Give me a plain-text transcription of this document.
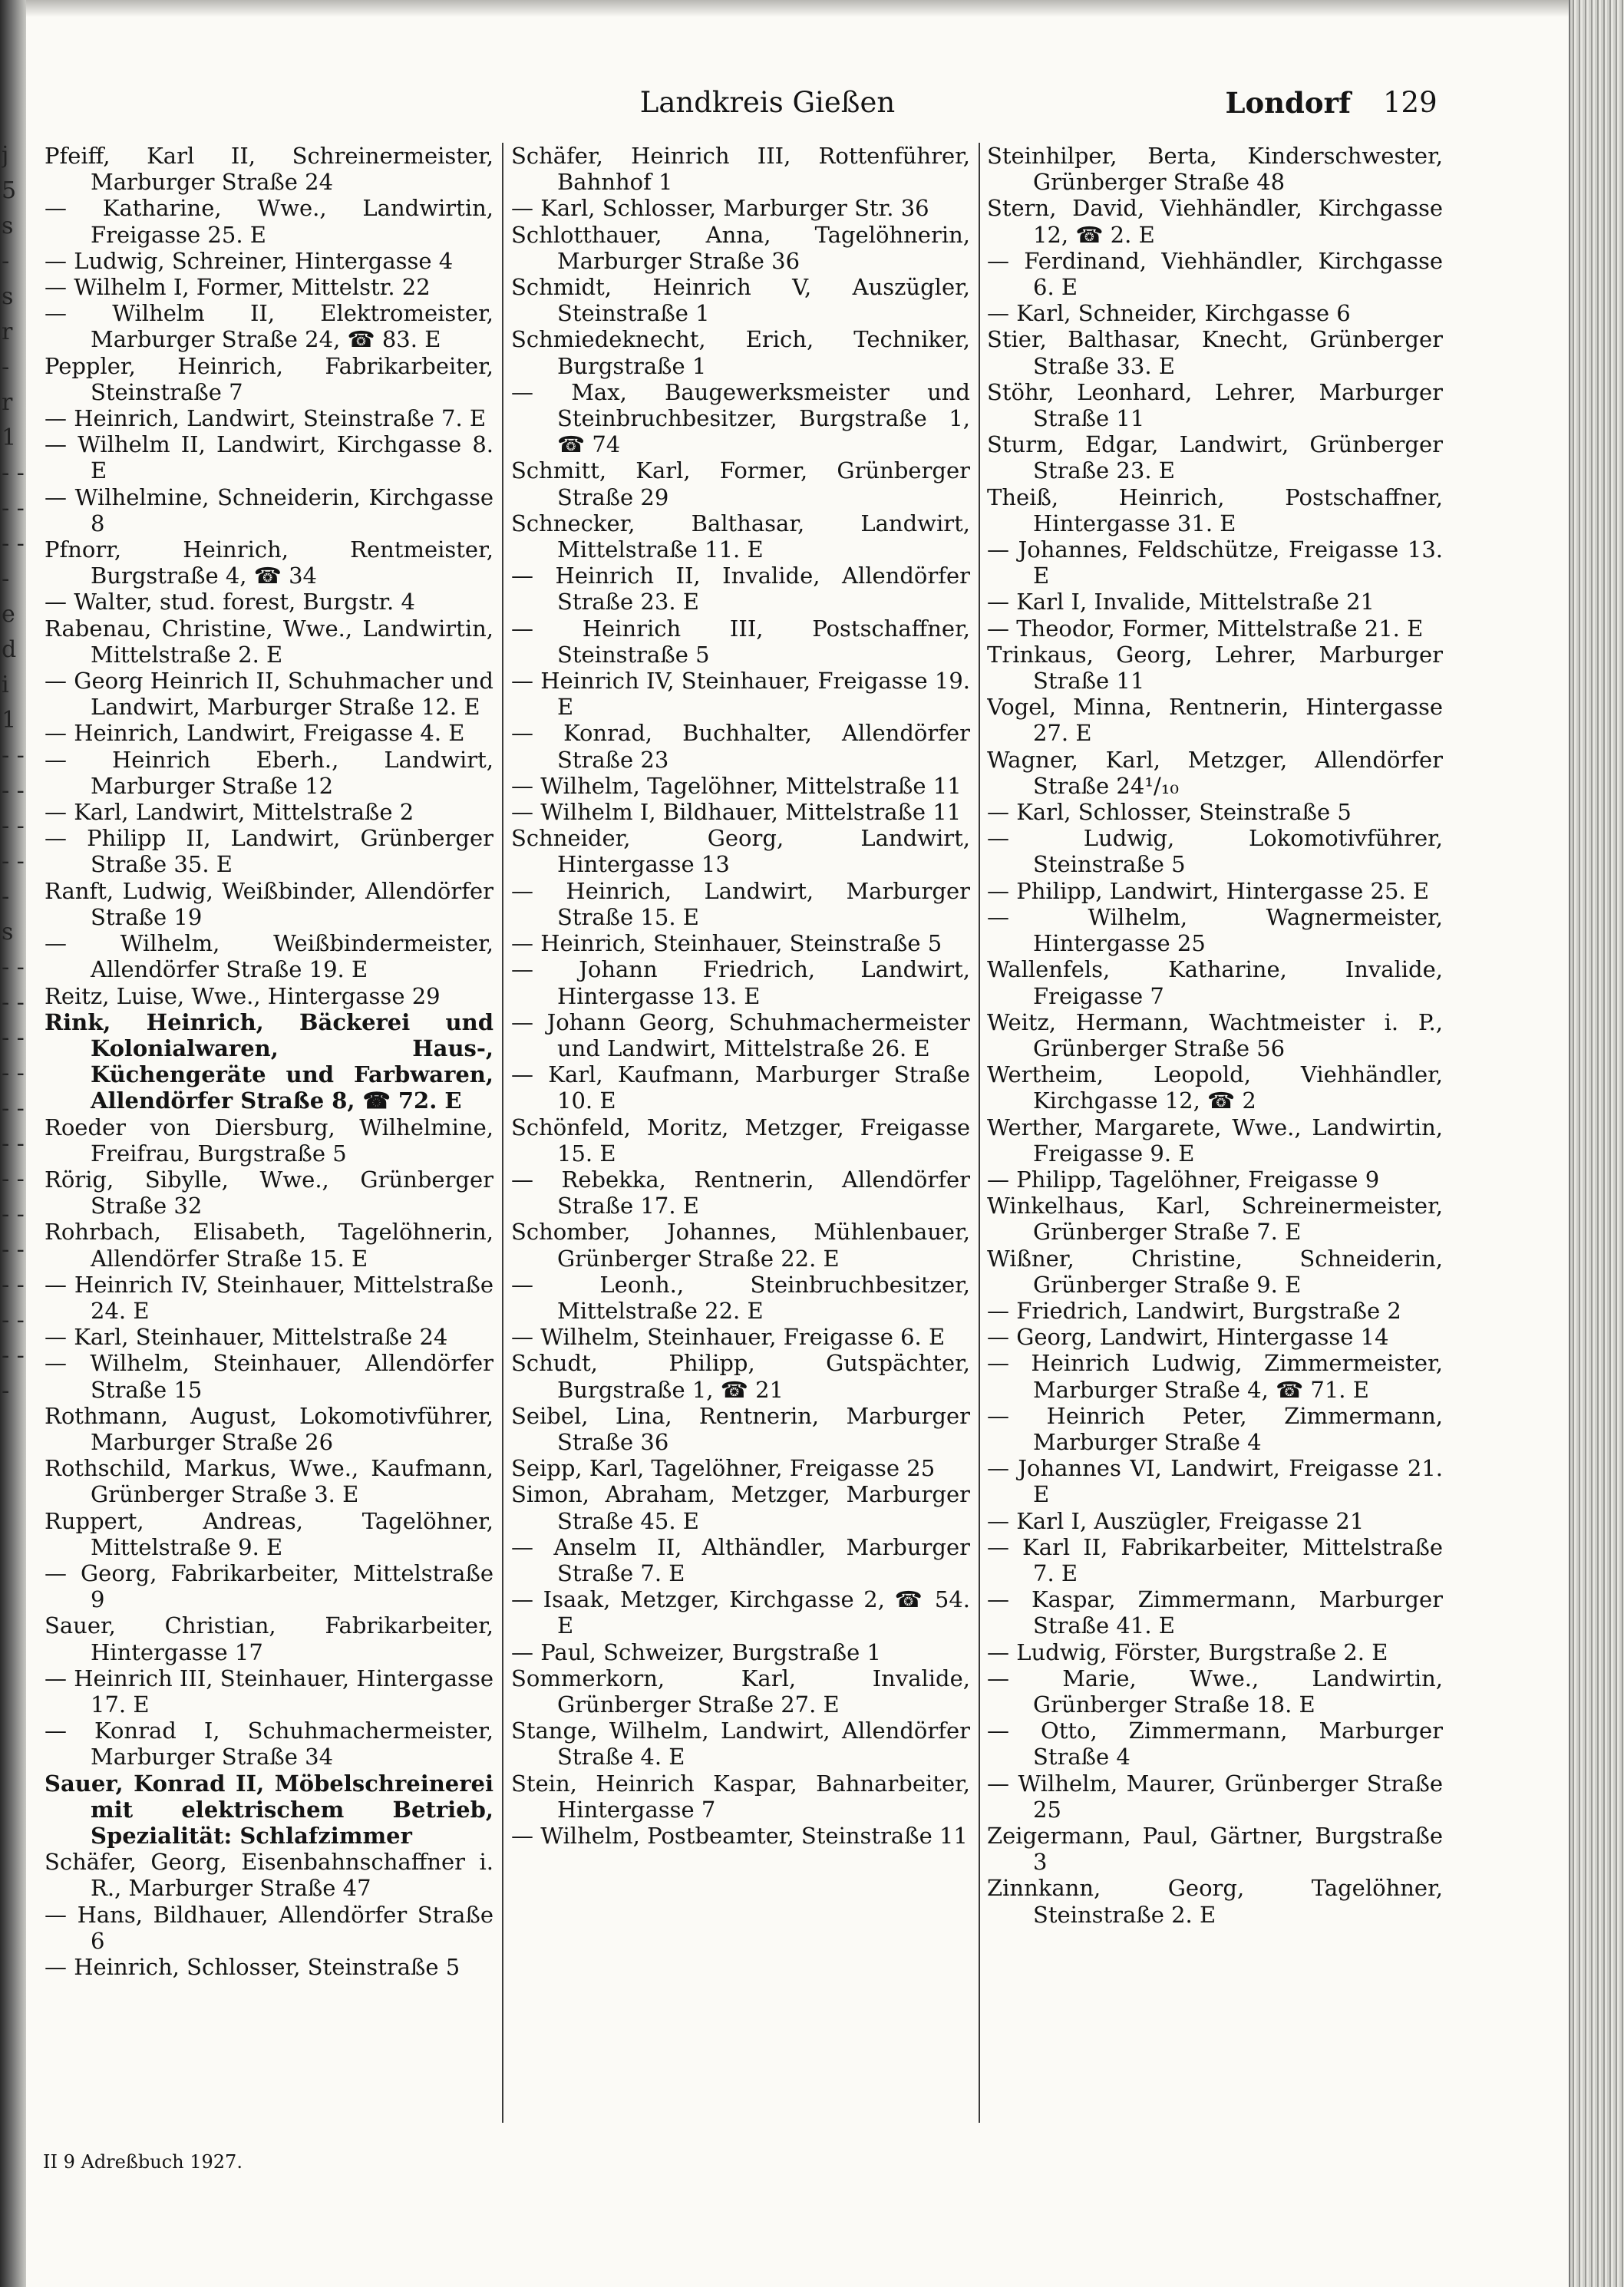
j 5 s - s r - r 1 - - - - - - - e d i 1 - - - - - - - - - s - - - - - - - - - - - - - - - - - - - - - - - - -
Landkreis Gießen	Londorf 129
Pfeiff, Karl II, Schreinermeister, Marburger Straße 24
— Katharine, Wwe., Landwirtin, Freigasse 25. E
— Ludwig, Schreiner, Hintergasse 4
— Wilhelm I, Former, Mittelstr. 22
— Wilhelm II, Elektromeister, Marburger Straße 24, ☎ 83. E
Peppler, Heinrich, Fabrikarbeiter, Steinstraße 7
— Heinrich, Landwirt, Steinstraße 7. E
— Wilhelm II, Landwirt, Kirchgasse 8. E
— Wilhelmine, Schneiderin, Kirchgasse 8
Pfnorr, Heinrich, Rentmeister, Burgstraße 4, ☎ 34
— Walter, stud. forest, Burgstr. 4
Rabenau, Christine, Wwe., Landwirtin, Mittelstraße 2. E
— Georg Heinrich II, Schuhmacher und Landwirt, Marburger Straße 12. E
— Heinrich, Landwirt, Freigasse 4. E
— Heinrich Eberh., Landwirt, Marburger Straße 12
— Karl, Landwirt, Mittelstraße 2
— Philipp II, Landwirt, Grünberger Straße 35. E
Ranft, Ludwig, Weißbinder, Allendörfer Straße 19
— Wilhelm, Weißbindermeister, Allendörfer Straße 19. E
Reitz, Luise, Wwe., Hintergasse 29
Rink, Heinrich, Bäckerei und Kolonialwaren, Haus-, Küchengeräte und Farbwaren, Allendörfer Straße 8, ☎ 72. E
Roeder von Diersburg, Wilhelmine, Freifrau, Burgstraße 5
Rörig, Sibylle, Wwe., Grünberger Straße 32
Rohrbach, Elisabeth, Tagelöhnerin, Allendörfer Straße 15. E
— Heinrich IV, Steinhauer, Mittelstraße 24. E
— Karl, Steinhauer, Mittelstraße 24
— Wilhelm, Steinhauer, Allendörfer Straße 15
Rothmann, August, Lokomotivführer, Marburger Straße 26
Rothschild, Markus, Wwe., Kaufmann, Grünberger Straße 3. E
Ruppert, Andreas, Tagelöhner, Mittelstraße 9. E
— Georg, Fabrikarbeiter, Mittelstraße 9
Sauer, Christian, Fabrikarbeiter, Hintergasse 17
— Heinrich III, Steinhauer, Hintergasse 17. E
— Konrad I, Schuhmachermeister, Marburger Straße 34
Sauer, Konrad II, Möbelschreinerei mit elektrischem Betrieb, Spezialität: Schlafzimmer
Schäfer, Georg, Eisenbahnschaffner i. R., Marburger Straße 47
— Hans, Bildhauer, Allendörfer Straße 6
— Heinrich, Schlosser, Steinstraße 5
Schäfer, Heinrich III, Rottenführer, Bahnhof 1
— Karl, Schlosser, Marburger Str. 36
Schlotthauer, Anna, Tagelöhnerin, Marburger Straße 36
Schmidt, Heinrich V, Auszügler, Steinstraße 1
Schmiedeknecht, Erich, Techniker, Burgstraße 1
— Max, Baugewerksmeister und Steinbruchbesitzer, Burgstraße 1, ☎ 74
Schmitt, Karl, Former, Grünberger Straße 29
Schnecker, Balthasar, Landwirt, Mittelstraße 11. E
— Heinrich II, Invalide, Allendörfer Straße 23. E
— Heinrich III, Postschaffner, Steinstraße 5
— Heinrich IV, Steinhauer, Freigasse 19. E
— Konrad, Buchhalter, Allendörfer Straße 23
— Wilhelm, Tagelöhner, Mittelstraße 11
— Wilhelm I, Bildhauer, Mittelstraße 11
Schneider, Georg, Landwirt, Hintergasse 13
— Heinrich, Landwirt, Marburger Straße 15. E
— Heinrich, Steinhauer, Steinstraße 5
— Johann Friedrich, Landwirt, Hintergasse 13. E
— Johann Georg, Schuhmachermeister und Landwirt, Mittelstraße 26. E
— Karl, Kaufmann, Marburger Straße 10. E
Schönfeld, Moritz, Metzger, Freigasse 15. E
— Rebekka, Rentnerin, Allendörfer Straße 17. E
Schomber, Johannes, Mühlenbauer, Grünberger Straße 22. E
— Leonh., Steinbruchbesitzer, Mittelstraße 22. E
— Wilhelm, Steinhauer, Freigasse 6. E
Schudt, Philipp, Gutspächter, Burgstraße 1, ☎ 21
Seibel, Lina, Rentnerin, Marburger Straße 36
Seipp, Karl, Tagelöhner, Freigasse 25
Simon, Abraham, Metzger, Marburger Straße 45. E
— Anselm II, Althändler, Marburger Straße 7. E
— Isaak, Metzger, Kirchgasse 2, ☎ 54. E
— Paul, Schweizer, Burgstraße 1
Sommerkorn, Karl, Invalide, Grünberger Straße 27. E
Stange, Wilhelm, Landwirt, Allendörfer Straße 4. E
Stein, Heinrich Kaspar, Bahnarbeiter, Hintergasse 7
— Wilhelm, Postbeamter, Steinstraße 11
Steinhilper, Berta, Kinderschwester, Grünberger Straße 48
Stern, David, Viehhändler, Kirchgasse 12, ☎ 2. E
— Ferdinand, Viehhändler, Kirchgasse 6. E
— Karl, Schneider, Kirchgasse 6
Stier, Balthasar, Knecht, Grünberger Straße 33. E
Stöhr, Leonhard, Lehrer, Marburger Straße 11
Sturm, Edgar, Landwirt, Grünberger Straße 23. E
Theiß, Heinrich, Postschaffner, Hintergasse 31. E
— Johannes, Feldschütze, Freigasse 13. E
— Karl I, Invalide, Mittelstraße 21
— Theodor, Former, Mittelstraße 21. E
Trinkaus, Georg, Lehrer, Marburger Straße 11
Vogel, Minna, Rentnerin, Hintergasse 27. E
Wagner, Karl, Metzger, Allendörfer Straße 24¹/₁₀
— Karl, Schlosser, Steinstraße 5
— Ludwig, Lokomotivführer, Steinstraße 5
— Philipp, Landwirt, Hintergasse 25. E
— Wilhelm, Wagnermeister, Hintergasse 25
Wallenfels, Katharine, Invalide, Freigasse 7
Weitz, Hermann, Wachtmeister i. P., Grünberger Straße 56
Wertheim, Leopold, Viehhändler, Kirchgasse 12, ☎ 2
Werther, Margarete, Wwe., Landwirtin, Freigasse 9. E
— Philipp, Tagelöhner, Freigasse 9
Winkelhaus, Karl, Schreinermeister, Grünberger Straße 7. E
Wißner, Christine, Schneiderin, Grünberger Straße 9. E
— Friedrich, Landwirt, Burgstraße 2
— Georg, Landwirt, Hintergasse 14
— Heinrich Ludwig, Zimmermeister, Marburger Straße 4, ☎ 71. E
— Heinrich Peter, Zimmermann, Marburger Straße 4
— Johannes VI, Landwirt, Freigasse 21. E
— Karl I, Auszügler, Freigasse 21
— Karl II, Fabrikarbeiter, Mittelstraße 7. E
— Kaspar, Zimmermann, Marburger Straße 41. E
— Ludwig, Förster, Burgstraße 2. E
— Marie, Wwe., Landwirtin, Grünberger Straße 18. E
— Otto, Zimmermann, Marburger Straße 4
— Wilhelm, Maurer, Grünberger Straße 25
Zeigermann, Paul, Gärtner, Burgstraße 3
Zinnkann, Georg, Tagelöhner, Steinstraße 2. E
II 9 Adreßbuch 1927.
